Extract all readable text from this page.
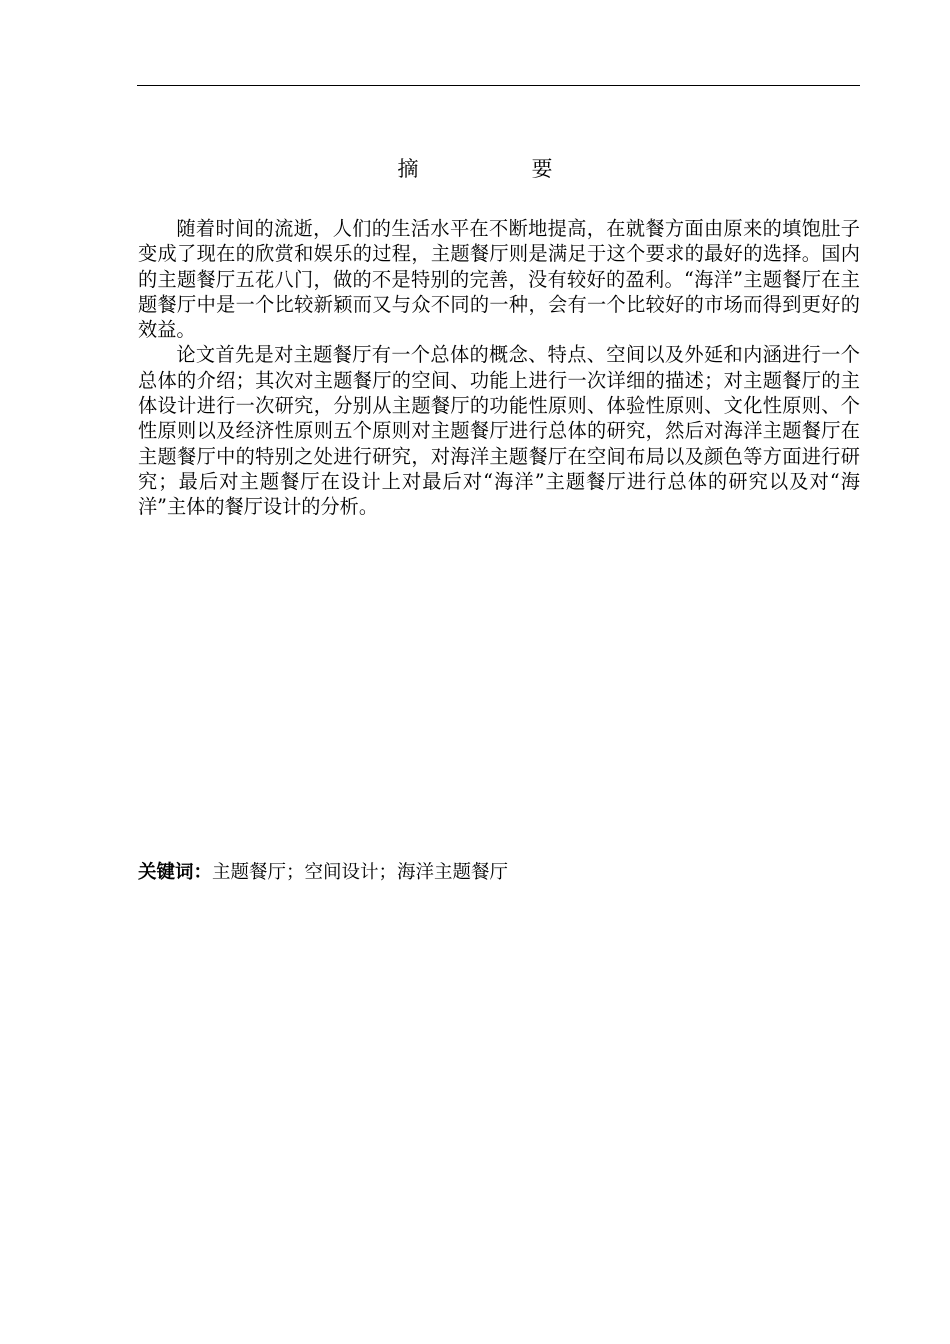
摘　要

随着时间的流逝，人们的生活水平在不断地提高，在就餐方面由原来的填饱肚子变成了现在的欣赏和娱乐的过程，主题餐厅则是满足于这个要求的最好的选择。国内的主题餐厅五花八门，做的不是特别的完善，没有较好的盈利。“海洋”主题餐厅在主题餐厅中是一个比较新颖而又与众不同的一种，会有一个比较好的市场而得到更好的效益。

论文首先是对主题餐厅有一个总体的概念、特点、空间以及外延和内涵进行一个总体的介绍；其次对主题餐厅的空间、功能上进行一次详细的描述；对主题餐厅的主体设计进行一次研究，分别从主题餐厅的功能性原则、体验性原则、文化性原则、个性原则以及经济性原则五个原则对主题餐厅进行总体的研究，然后对海洋主题餐厅在主题餐厅中的特别之处进行研究，对海洋主题餐厅在空间布局以及颜色等方面进行研究；最后对主题餐厅在设计上对最后对“海洋”主题餐厅进行总体的研究以及对“海洋”主体的餐厅设计的分析。

关键词：主题餐厅；空间设计；海洋主题餐厅
